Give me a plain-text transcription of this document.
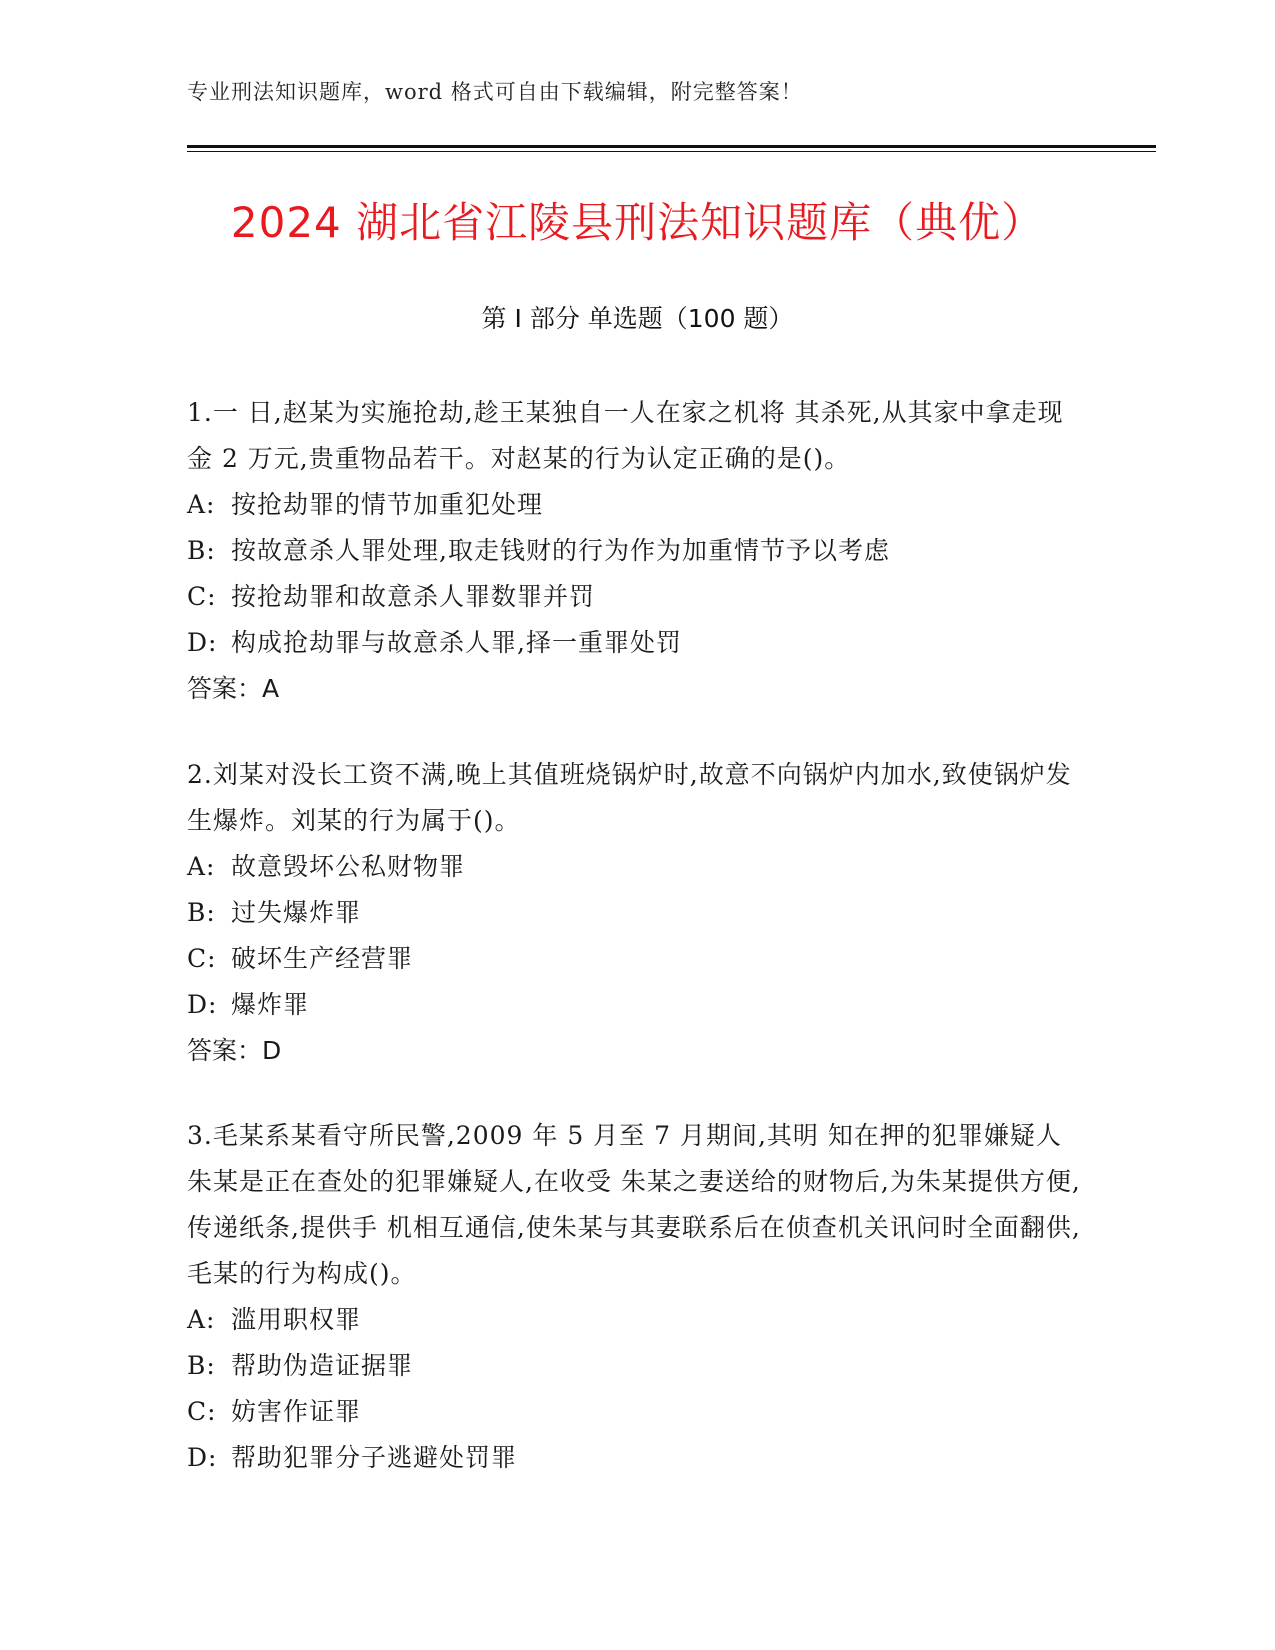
专业刑法知识题库，word 格式可自由下载编辑，附完整答案！
2024 湖北省江陵县刑法知识题库（典优）
第 I 部分 单选题（100 题）
1.一 日,赵某为实施抢劫,趁王某独自一人在家之机将 其杀死,从其家中拿走现金 2 万元,贵重物品若干。对赵某的行为认定正确的是()。
A: 按抢劫罪的情节加重犯处理
B: 按故意杀人罪处理,取走钱财的行为作为加重情节予以考虑
C: 按抢劫罪和故意杀人罪数罪并罚
D: 构成抢劫罪与故意杀人罪,择一重罪处罚
答案：A
2.刘某对没长工资不满,晚上其值班烧锅炉时,故意不向锅炉内加水,致使锅炉发生爆炸。刘某的行为属于()。
A: 故意毁坏公私财物罪
B: 过失爆炸罪
C: 破坏生产经营罪
D: 爆炸罪
答案：D
3.毛某系某看守所民警,2009 年 5 月至 7 月期间,其明 知在押的犯罪嫌疑人朱某是正在查处的犯罪嫌疑人,在收受 朱某之妻送给的财物后,为朱某提供方便,传递纸条,提供手 机相互通信,使朱某与其妻联系后在侦查机关讯问时全面翻供,毛某的行为构成()。
A: 滥用职权罪
B: 帮助伪造证据罪
C: 妨害作证罪
D: 帮助犯罪分子逃避处罚罪
